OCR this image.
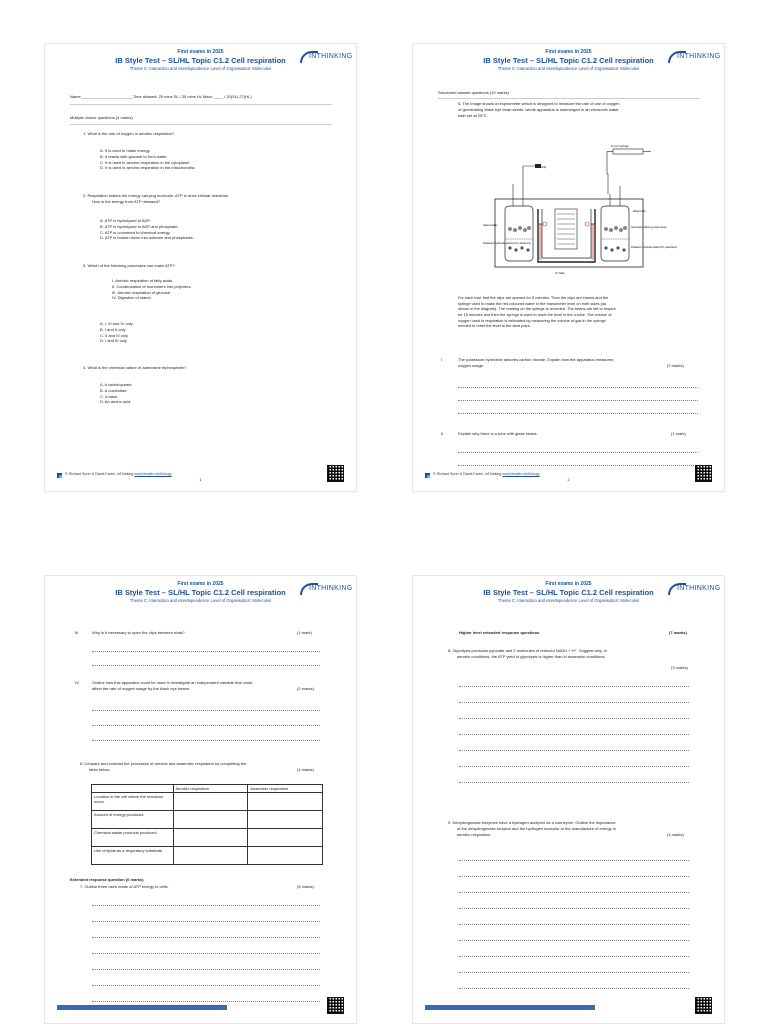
First exams in 2025
IB Style Test – SL/HL Topic C1.2 Cell respiration
Theme C: Interaction and interdependence Level of Organisation: Molecules
INTHINKING
Name _______________________Time allowed: 25 mins SL / 35 mins HL Mark: ____ / 20(SL) 27(HL)
Multiple choice questions (4 marks)
1. What is the role of oxygen in aerobic respiration?
A. It is used to make energy.
B. It reacts with glucose to form water.
C. It is used in aerobic respiration in the cytoplasm.
D. It is used in aerobic respiration in the mitochondria.
2. Respiration makes the energy carrying molecule, ATP to drive cellular reactions.
How is the energy from ATP released?
A. ATP is hydrolysed to ADP.
B. ATP is hydrolysed to ADP and phosphate.
C. ATP is converted to chemical energy.
D. ATP is broken down into adenine and phosphates.
3. Which of the following processes can make ATP?
I. Aerobic respiration of fatty acids.
II. Condensation of monomers into polymers.
III. Aerobic respiration of glucose.
IV. Digestion of starch.
A. I, III and IV only
B. I and II only
C. II and III only
D. I and III only
4. What is the chemical nature of adenosine triphosphate?
A. A carbohydrate.
B. A nucleotide.
C. A base.
D. An amino acid.
© Richard Surer & David Faure, InThinking www.thinkib.net/biology
1
First exams in 2025
IB Style Test – SL/HL Topic C1.2 Cell respiration
Theme C: Interaction and interdependence Level of Organisation: Molecules
INTHINKING
Structured answer questions (10 marks)
5. The image shows a respirometer which is designed to measure the rate of use of oxygen
of germinating black eye bean seeds. whole apparatus is submerged in an electronic water
bath set at 25°C.
5 cm³ syringe
Clip
Glass beads
Potassium hydroxide pellets (CO₂ absorbent)
Water bath
Germinating black eye bean seeds
Potassium hydroxide pellets (CO₂ absorbent)
U-Tube
For each trial, first the clips are opened for 5 minutes. Then the clips are closed and the
syringe used to make the red coloured water in the manometer level on both sides (as
shown in the diagram). The reading on the syringe is recorded. The beans are left to respire
for 15 minutes and then the syringe is used to reset the level in the u-tube. The volume of
oxygen used in respiration is estimated by measuring the volume of gas in the syringe
needed to reset the level to the start point.
I.	The potassium hydroxide absorbs carbon dioxide. Explain how the apparatus measures
oxygen usage.	(2 marks)
II.	Explain why there is a tube with glass beads.	(1 mark)
© Richard Surer & David Faure, InThinking www.thinkib.net/biology
2
First exams in 2025
IB Style Test – SL/HL Topic C1.2 Cell respiration
Theme C: Interaction and interdependence Level of Organisation: Molecules
INTHINKING
III.	Why is it necessary to open the clips between trials?	(1 mark)
IV.	Outline how this apparatus could be used to investigate an independent variable that could
affect the rate of oxygen usage by the black eye beans.	(2 marks)
6 Compare and contrast the processes of aerobic and anaerobic respiration by completing the
table below:	(4 marks)
	Aerobic respiration	Anaerobic respiration
Location in the cell where the reactions occur.		
Amount of energy produced.		
Chemical waste products produced.		
Use of lipids as a respiratory substrate.		
Extended response question (6 marks)
7. Outline three uses made of ATP energy in cells.	(6 marks)
First exams in 2025
IB Style Test – SL/HL Topic C1.2 Cell respiration
Theme C: Interaction and interdependence Level of Organisation: Molecules
INTHINKING
Higher level extended response questions.	(7 marks)
8. Glycolysis produces pyruvate and 2 molecules of reduced NADH + H⁺. Suggest why, in
aerobic conditions, the ATP yield of glycolysis is higher than in anaerobic conditions.
(3 marks)
9. Dehydrogenase enzymes have a hydrogen acceptor as a coenzyme. Outline the importance
of the dehydrogenase enzyme and the hydrogen acceptor to the manufacture of energy in
aerobic respiration.	(4 marks)
